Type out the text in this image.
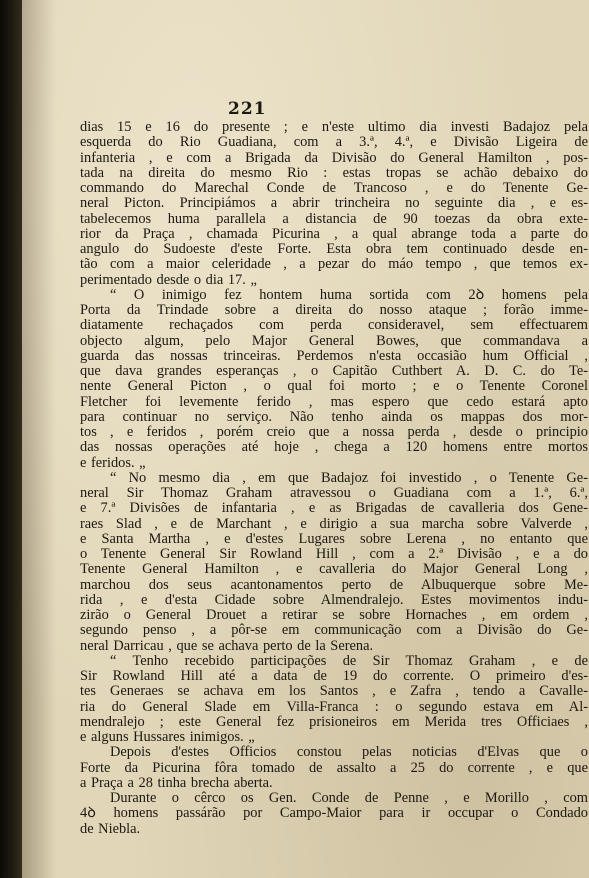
221
dias 15 e 16 do presente ; e n'este ultimo dia investi Badajoz pela
esquerda do Rio Guadiana, com a 3.ª, 4.ª, e Divisão Ligeira de
infanteria , e com a Brigada da Divisão do General Hamilton , pos-
tada na direita do mesmo Rio : estas tropas se achão debaixo do
commando do Marechal Conde de Trancoso , e do Tenente Ge-
neral Picton. Principiámos a abrir trincheira no seguinte dia , e es-
tabelecemos huma parallela a distancia de 90 toezas da obra exte-
rior da Praça , chamada Picurina , a qual abrange toda a parte do
angulo do Sudoeste d'este Forte. Esta obra tem continuado desde en-
tão com a maior celeridade , a pezar do máo tempo , que temos ex-
perimentado desde o dia 17. „
“ O inimigo fez hontem huma sortida com 2ꝺ homens pela
Porta da Trindade sobre a direita do nosso ataque ; forão imme-
diatamente rechaçados com perda consideravel, sem effectuarem
objecto algum, pelo Major General Bowes, que commandava a
guarda das nossas trinceiras. Perdemos n'esta occasião hum Official ,
que dava grandes esperanças , o Capitão Cuthbert A. D. C. do Te-
nente General Picton , o qual foi morto ; e o Tenente Coronel
Fletcher foi levemente ferido , mas espero que cedo estará apto
para continuar no serviço. Não tenho ainda os mappas dos mor-
tos , e feridos , porém creio que a nossa perda , desde o principio
das nossas operações até hoje , chega a 120 homens entre mortos
e feridos. „
“ No mesmo dia , em que Badajoz foi investido , o Tenente Ge-
neral Sir Thomaz Graham atravessou o Guadiana com a 1.ª, 6.ª,
e 7.ª Divisões de infantaria , e as Brigadas de cavalleria dos Gene-
raes Slad , e de Marchant , e dirigio a sua marcha sobre Valverde ,
e Santa Martha , e d'estes Lugares sobre Lerena , no entanto que
o Tenente General Sir Rowland Hill , com a 2.ª Divisão , e a do
Tenente General Hamilton , e cavalleria do Major General Long ,
marchou dos seus acantonamentos perto de Albuquerque sobre Me-
rida , e d'esta Cidade sobre Almendralejo. Estes movimentos indu-
zirão o General Drouet a retirar se sobre Hornaches , em ordem ,
segundo penso , a pôr-se em communicação com a Divisão do Ge-
neral Darricau , que se achava perto de la Serena.
“ Tenho recebido participações de Sir Thomaz Graham , e de
Sir Rowland Hill até a data de 19 do corrente. O primeiro d'es-
tes Generaes se achava em los Santos , e Zafra , tendo a Cavalle-
ria do General Slade em Villa-Franca : o segundo estava em Al-
mendralejo ; este General fez prisioneiros em Merida tres Officiaes ,
e alguns Hussares inimigos. „
Depois d'estes Officios constou pelas noticias d'Elvas que o
Forte da Picurina fôra tomado de assalto a 25 do corrente , e que
a Praça a 28 tinha brecha aberta.
Durante o cêrco os Gen. Conde de Penne , e Morillo , com
4ꝺ homens passárão por Campo-Maior para ir occupar o Condado
de Niebla.
